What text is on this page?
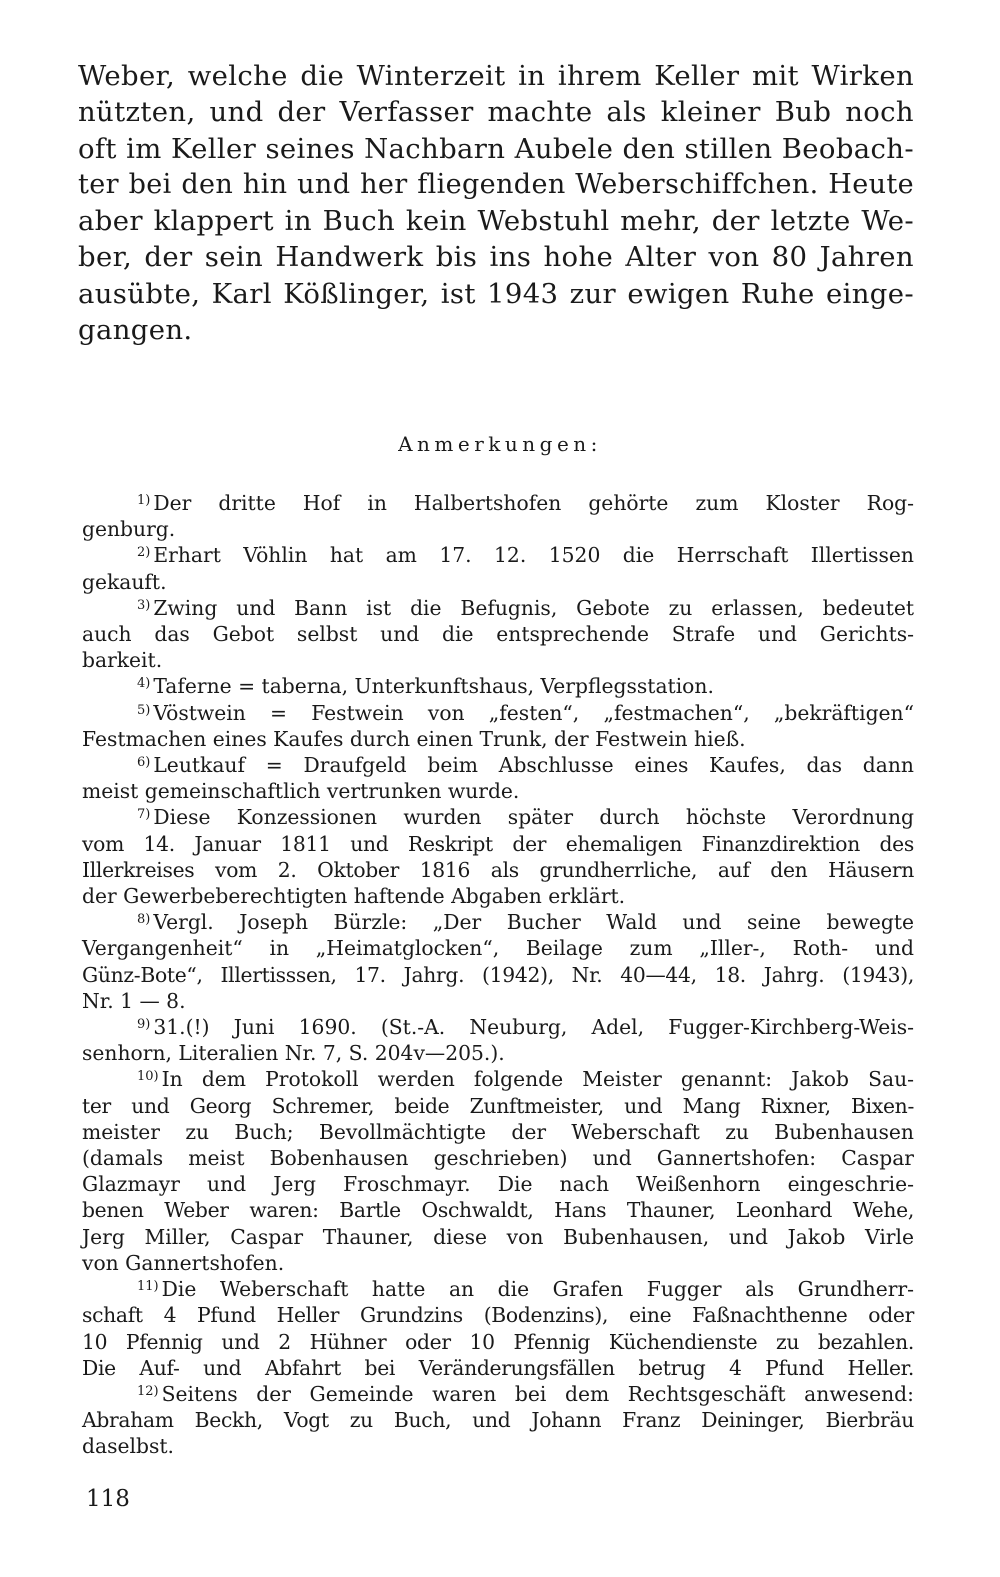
Weber, welche die Winterzeit in ihrem Keller mit Wirken
nützten, und der Verfasser machte als kleiner Bub noch
oft im Keller seines Nachbarn Aubele den stillen Beobach-
ter bei den hin und her fliegenden Weberschiffchen. Heute
aber klappert in Buch kein Webstuhl mehr, der letzte We-
ber, der sein Handwerk bis ins hohe Alter von 80 Jahren
ausübte, Karl Kößlinger, ist 1943 zur ewigen Ruhe einge-
gangen.
Anmerkungen:
$^{1)}$ Der dritte Hof in Halbertshofen gehörte zum Kloster Rog-
genburg.
$^{2)}$ Erhart Vöhlin hat am 17. 12. 1520 die Herrschaft Illertissen
gekauft.
$^{3)}$ Zwing und Bann ist die Befugnis, Gebote zu erlassen, bedeutet
auch das Gebot selbst und die entsprechende Strafe und Gerichts-
barkeit.
$^{4)}$ Taferne = taberna, Unterkunftshaus, Verpflegsstation.
$^{5)}$ Vöstwein = Festwein von „festen“, „festmachen“, „bekräftigen“
Festmachen eines Kaufes durch einen Trunk, der Festwein hieß.
$^{6)}$ Leutkauf = Draufgeld beim Abschlusse eines Kaufes, das dann
meist gemeinschaftlich vertrunken wurde.
$^{7)}$ Diese Konzessionen wurden später durch höchste Verordnung
vom 14. Januar 1811 und Reskript der ehemaligen Finanzdirektion des
Illerkreises vom 2. Oktober 1816 als grundherrliche, auf den Häusern
der Gewerbeberechtigten haftende Abgaben erklärt.
$^{8)}$ Vergl. Joseph Bürzle: „Der Bucher Wald und seine bewegte
Vergangenheit“ in „Heimatglocken“, Beilage zum „Iller-, Roth- und
Günz-Bote“, Illertisssen, 17. Jahrg. (1942), Nr. 40—44, 18. Jahrg. (1943),
Nr. 1 — 8.
$^{9)}$ 31.(!) Juni 1690. (St.-A. Neuburg, Adel, Fugger-Kirchberg-Weis-
senhorn, Literalien Nr. 7, S. 204v—205.).
$^{10)}$ In dem Protokoll werden folgende Meister genannt: Jakob Sau-
ter und Georg Schremer, beide Zunftmeister, und Mang Rixner, Bixen-
meister zu Buch; Bevollmächtigte der Weberschaft zu Bubenhausen
(damals meist Bobenhausen geschrieben) und Gannertshofen: Caspar
Glazmayr und Jerg Froschmayr. Die nach Weißenhorn eingeschrie-
benen Weber waren: Bartle Oschwaldt, Hans Thauner, Leonhard Wehe,
Jerg Miller, Caspar Thauner, diese von Bubenhausen, und Jakob Virle
von Gannertshofen.
$^{11)}$ Die Weberschaft hatte an die Grafen Fugger als Grundherr-
schaft 4 Pfund Heller Grundzins (Bodenzins), eine Faßnachthenne oder
10 Pfennig und 2 Hühner oder 10 Pfennig Küchendienste zu bezahlen.
Die Auf- und Abfahrt bei Veränderungsfällen betrug 4 Pfund Heller.
$^{12)}$ Seitens der Gemeinde waren bei dem Rechtsgeschäft anwesend:
Abraham Beckh, Vogt zu Buch, und Johann Franz Deininger, Bierbräu
daselbst.
118
